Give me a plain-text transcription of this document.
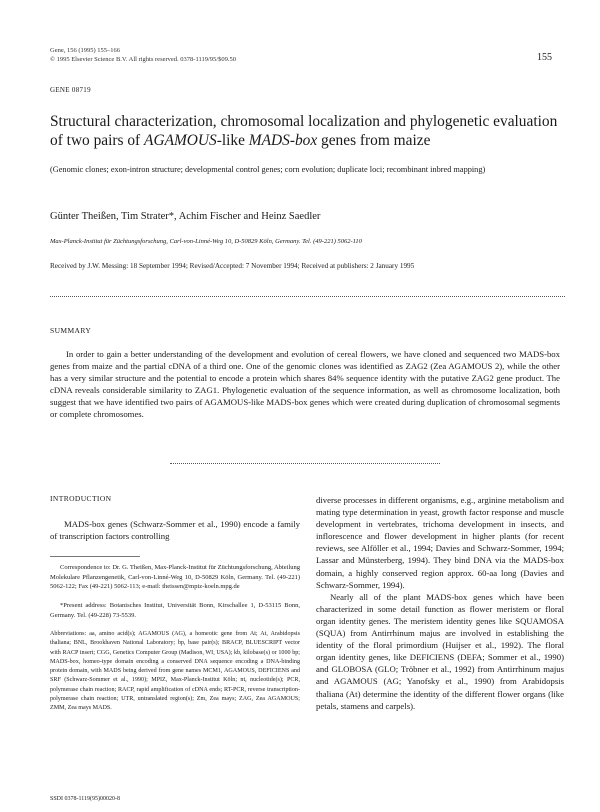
Gene, 156 (1995) 155–166
© 1995 Elsevier Science B.V. All rights reserved. 0378-1119/95/$09.50	155
GENE 08719
Structural characterization, chromosomal localization and phylogenetic evaluation of two pairs of AGAMOUS-like MADS-box genes from maize
(Genomic clones; exon-intron structure; developmental control genes; corn evolution; duplicate loci; recombinant inbred mapping)
Günter Theißen, Tim Strater*, Achim Fischer and Heinz Saedler
Max-Planck-Institut für Züchtungsforschung, Carl-von-Linné-Weg 10, D-50829 Köln, Germany. Tel. (49-221) 5062-110
Received by J.W. Messing: 18 September 1994; Revised/Accepted: 7 November 1994; Received at publishers: 2 January 1995
SUMMARY
In order to gain a better understanding of the development and evolution of cereal flowers, we have cloned and sequenced two MADS-box genes from maize and the partial cDNA of a third one. One of the genomic clones was identified as ZAG2 (Zea AGAMOUS 2), while the other has a very similar structure and the potential to encode a protein which shares 84% sequence identity with the putative ZAG2 gene product. The cDNA reveals considerable similarity to ZAG1. Phylogenetic evaluation of the sequence information, as well as chromosome localization, both suggest that we have identified two pairs of AGAMOUS-like MADS-box genes which were created during duplication of chromosomal segments or complete chromosomes.
INTRODUCTION
MADS-box genes (Schwarz-Sommer et al., 1990) encode a family of transcription factors controlling
Correspondence to: Dr. G. Theißen, Max-Planck-Institut für Züchtungsforschung, Abteilung Molekulare Pflanzengenetik, Carl-von-Linné-Weg 10, D-50829 Köln, Germany. Tel. (49-221) 5062-122; Fax (49-221) 5062-113; e-mail: theissen@mpiz-koeln.mpg.de
*Present address: Botanisches Institut, Universität Bonn, Kirschallee 1, D-53115 Bonn, Germany. Tel. (49-228) 73-5539.
Abbreviations: aa, amino acid(s); AGAMOUS (AG), a homeotic gene from At; At, Arabidopsis thaliana; BNL, Brookhaven National Laboratory; bp, base pair(s); BRACP, BLUESCRIPT vector with RACP insert; CGG, Genetics Computer Group (Madison, WI, USA); kb, kilobase(s) or 1000 bp; MADS-box, homeo-type domain encoding a conserved DNA sequence encoding a DNA-binding protein domain, with MADS being derived from gene names MCM1, AGAMOUS, DEFICIENS and SRF (Schwarz-Sommer et al., 1990); MPIZ, Max-Planck-Institut Köln; nt, nucleotide(s); PCR, polymerase chain reaction; RACP, rapid amplification of cDNA ends; RT-PCR, reverse transcription-polymerase chain reaction; UTR, untranslated region(s); Zm, Zea mays; ZAG, Zea AGAMOUS; ZMM, Zea mays MADS.

diverse processes in different organisms, e.g., arginine metabolism and mating type determination in yeast, growth factor response and muscle development in vertebrates, trichoma development in insects, and inflorescence and flower development in higher plants (for recent reviews, see Alföller et al., 1994; Davies and Schwarz-Sommer, 1994; Lassar and Münsterberg, 1994). They bind DNA via the MADS-box domain, a highly conserved region approx. 60-aa long (Davies and Schwarz-Sommer, 1994).

Nearly all of the plant MADS-box genes which have been characterized in some detail function as flower meristem or floral organ identity genes. The meristem identity genes like SQUAMOSA (SQUA) from Antirrhinum majus are involved in establishing the identity of the floral primordium (Huijser et al., 1992). The floral organ identity genes, like DEFICIENS (DEFA; Sommer et al., 1990) and GLOBOSA (GLO; Tröbner et al., 1992) from Antirrhinum majus and AGAMOUS (AG; Yanofsky et al., 1990) from Arabidopsis thaliana (At) determine the identity of the different flower organs (like petals, stamens and carpels).

SSDI 0378-1119(95)00020-8
